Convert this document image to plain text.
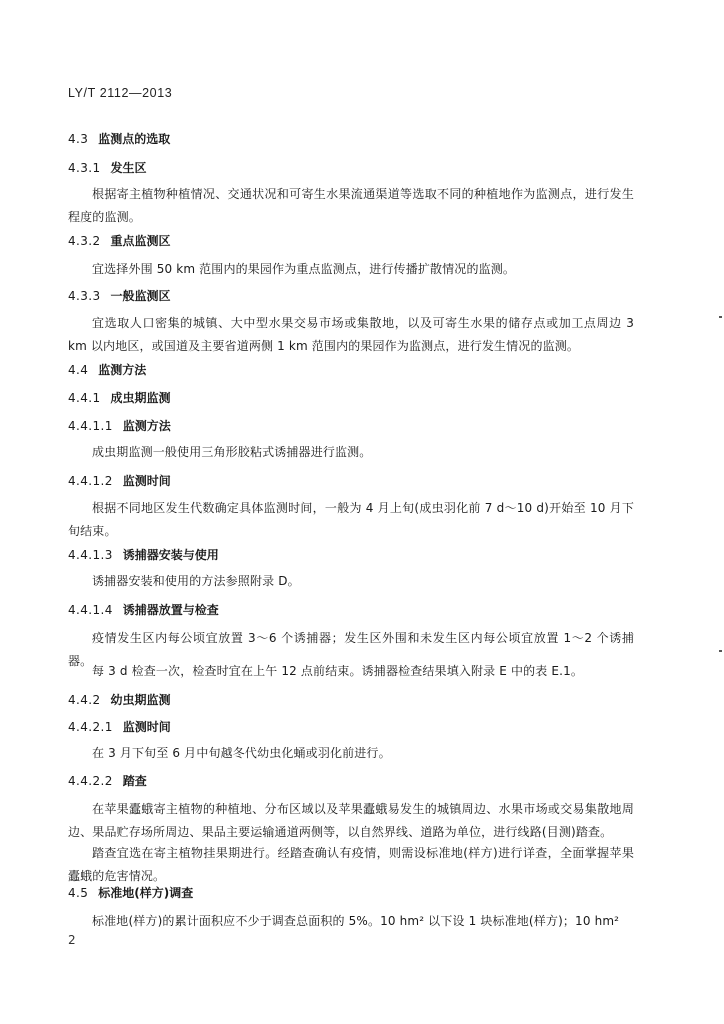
LY/T 2112—2013
4.3 监测点的选取
4.3.1 发生区
根据寄主植物种植情况、交通状况和可寄生水果流通渠道等选取不同的种植地作为监测点，进行发生程度的监测。
4.3.2 重点监测区
宜选择外围 50 km 范围内的果园作为重点监测点，进行传播扩散情况的监测。
4.3.3 一般监测区
宜选取人口密集的城镇、大中型水果交易市场或集散地，以及可寄生水果的储存点或加工点周边 3 km 以内地区，或国道及主要省道两侧 1 km 范围内的果园作为监测点，进行发生情况的监测。
4.4 监测方法
4.4.1 成虫期监测
4.4.1.1 监测方法
成虫期监测一般使用三角形胶粘式诱捕器进行监测。
4.4.1.2 监测时间
根据不同地区发生代数确定具体监测时间，一般为 4 月上旬(成虫羽化前 7 d～10 d)开始至 10 月下旬结束。
4.4.1.3 诱捕器安装与使用
诱捕器安装和使用的方法参照附录 D。
4.4.1.4 诱捕器放置与检查
疫情发生区内每公顷宜放置 3～6 个诱捕器；发生区外围和未发生区内每公顷宜放置 1～2 个诱捕器。
每 3 d 检查一次，检查时宜在上午 12 点前结束。诱捕器检查结果填入附录 E 中的表 E.1。
4.4.2 幼虫期监测
4.4.2.1 监测时间
在 3 月下旬至 6 月中旬越冬代幼虫化蛹或羽化前进行。
4.4.2.2 踏查
在苹果蠹蛾寄主植物的种植地、分布区域以及苹果蠹蛾易发生的城镇周边、水果市场或交易集散地周边、果品贮存场所周边、果品主要运输通道两侧等，以自然界线、道路为单位，进行线路(目测)踏查。
踏查宜选在寄主植物挂果期进行。经踏查确认有疫情，则需设标准地(样方)进行详查，全面掌握苹果蠹蛾的危害情况。
4.5 标准地(样方)调查
标准地(样方)的累计面积应不少于调查总面积的 5%。10 hm² 以下设 1 块标准地(样方)；10 hm²
2
